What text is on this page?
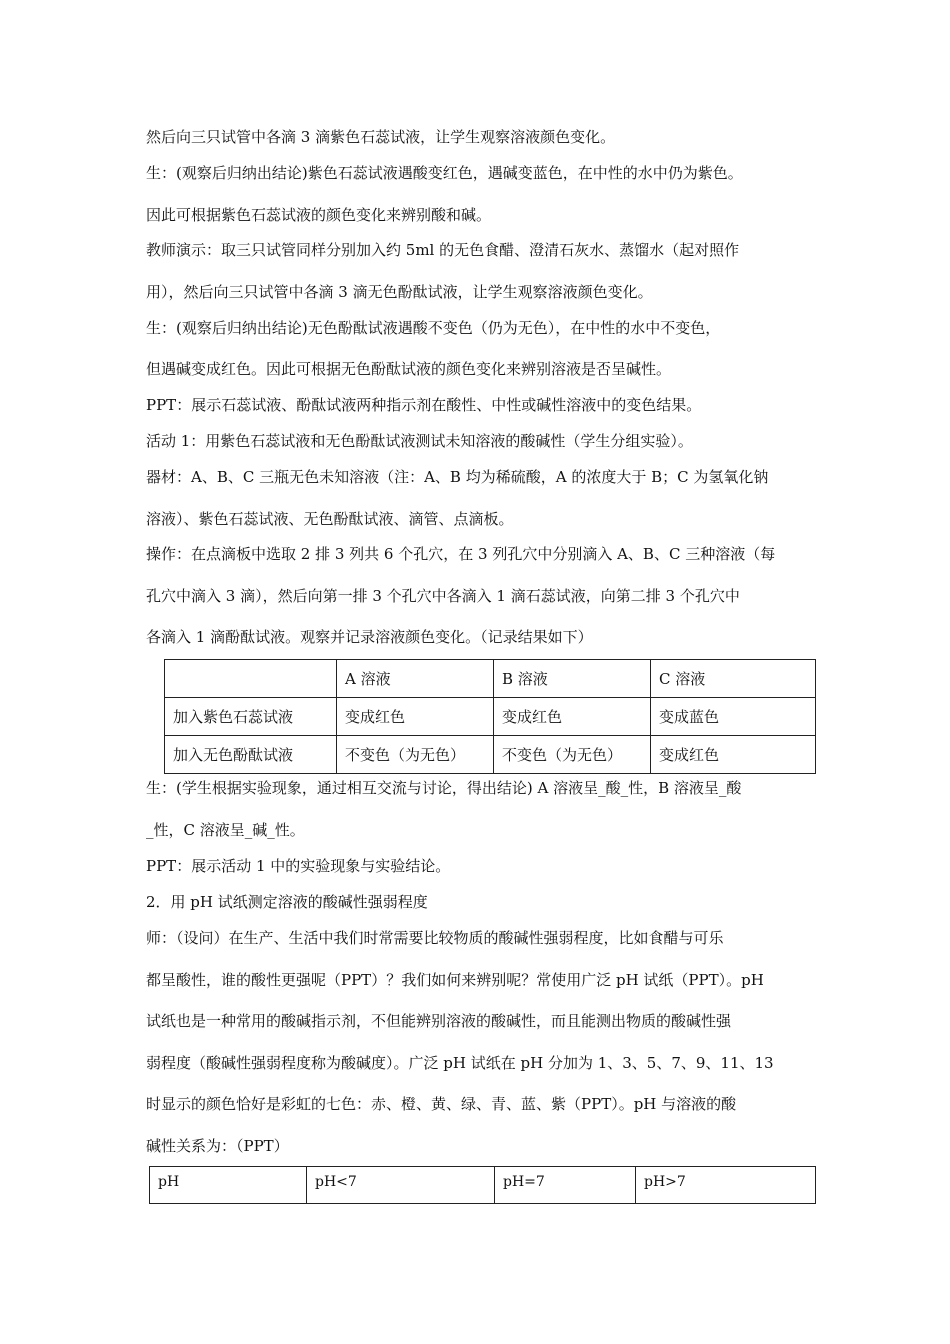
然后向三只试管中各滴 3 滴紫色石蕊试液，让学生观察溶液颜色变化。
生：(观察后归纳出结论)紫色石蕊试液遇酸变红色，遇碱变蓝色，在中性的水中仍为紫色。
因此可根据紫色石蕊试液的颜色变化来辨别酸和碱。
教师演示：取三只试管同样分别加入约 5ml 的无色食醋、澄清石灰水、蒸馏水（起对照作
用），然后向三只试管中各滴 3 滴无色酚酞试液，让学生观察溶液颜色变化。
生：(观察后归纳出结论)无色酚酞试液遇酸不变色（仍为无色），在中性的水中不变色，
但遇碱变成红色。因此可根据无色酚酞试液的颜色变化来辨别溶液是否呈碱性。
PPT：展示石蕊试液、酚酞试液两种指示剂在酸性、中性或碱性溶液中的变色结果。
活动 1：用紫色石蕊试液和无色酚酞试液测试未知溶液的酸碱性（学生分组实验）。
器材：A、B、C 三瓶无色未知溶液（注：A、B 均为稀硫酸，A 的浓度大于 B；C 为氢氧化钠
溶液）、紫色石蕊试液、无色酚酞试液、滴管、点滴板。
操作：在点滴板中选取 2 排 3 列共 6 个孔穴，在 3 列孔穴中分别滴入 A、B、C 三种溶液（每
孔穴中滴入 3 滴），然后向第一排 3 个孔穴中各滴入 1 滴石蕊试液，向第二排 3 个孔穴中
各滴入 1 滴酚酞试液。观察并记录溶液颜色变化。（记录结果如下）
	A 溶液	B 溶液	C 溶液
加入紫色石蕊试液	变成红色	变成红色	变成蓝色
加入无色酚酞试液	不变色（为无色）	不变色（为无色）	变成红色
生：(学生根据实验现象，通过相互交流与讨论，得出结论) A 溶液呈_酸_性，B 溶液呈_酸
_性，C 溶液呈_碱_性。
PPT：展示活动 1 中的实验现象与实验结论。
2．用 pH 试纸测定溶液的酸碱性强弱程度
师：（设问）在生产、生活中我们时常需要比较物质的酸碱性强弱程度，比如食醋与可乐
都呈酸性，谁的酸性更强呢（PPT）？我们如何来辨别呢？常使用广泛 pH 试纸（PPT）。pH
试纸也是一种常用的酸碱指示剂，不但能辨别溶液的酸碱性，而且能测出物质的酸碱性强
弱程度（酸碱性强弱程度称为酸碱度）。广泛 pH 试纸在 pH 分加为 1、3、5、7、9、11、13
时显示的颜色恰好是彩虹的七色：赤、橙、黄、绿、青、蓝、紫（PPT）。pH 与溶液的酸
碱性关系为：（PPT）
pH	pH<7	pH=7	pH>7
